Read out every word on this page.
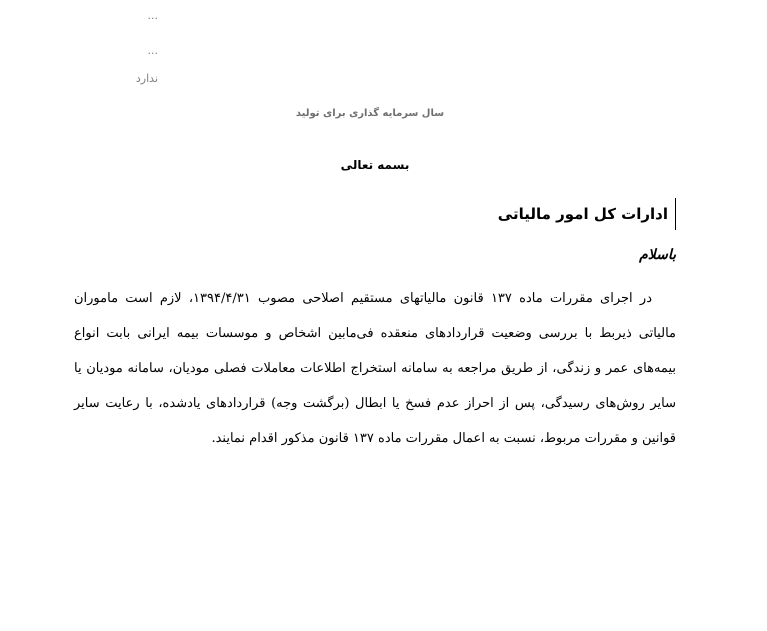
...
...
ندارد
سال سرمایه گذاری برای تولید
بسمه تعالی
ادارات کل امور مالیاتی
باسلام
در اجرای مقررات ماده ۱۳۷ قانون مالیاتهای مستقیم اصلاحی مصوب ۱۳۹۴/۴/۳۱، لازم است ماموران مالیاتی ذیربط با بررسی وضعیت قراردادهای منعقده فی‌مابین اشخاص و موسسات بیمه ایرانی بابت انواع بیمه‌های عمر و زندگی، از طریق مراجعه به سامانه استخراج اطلاعات معاملات فصلی مودیان، سامانه مودیان یا سایر روش‌های رسیدگی، پس از احراز عدم فسخ یا ابطال (برگشت وجه) قراردادهای یادشده، با رعایت سایر قوانین و مقررات مربوط، نسبت به اعمال مقررات ماده ۱۳۷ قانون مذکور اقدام نمایند.
